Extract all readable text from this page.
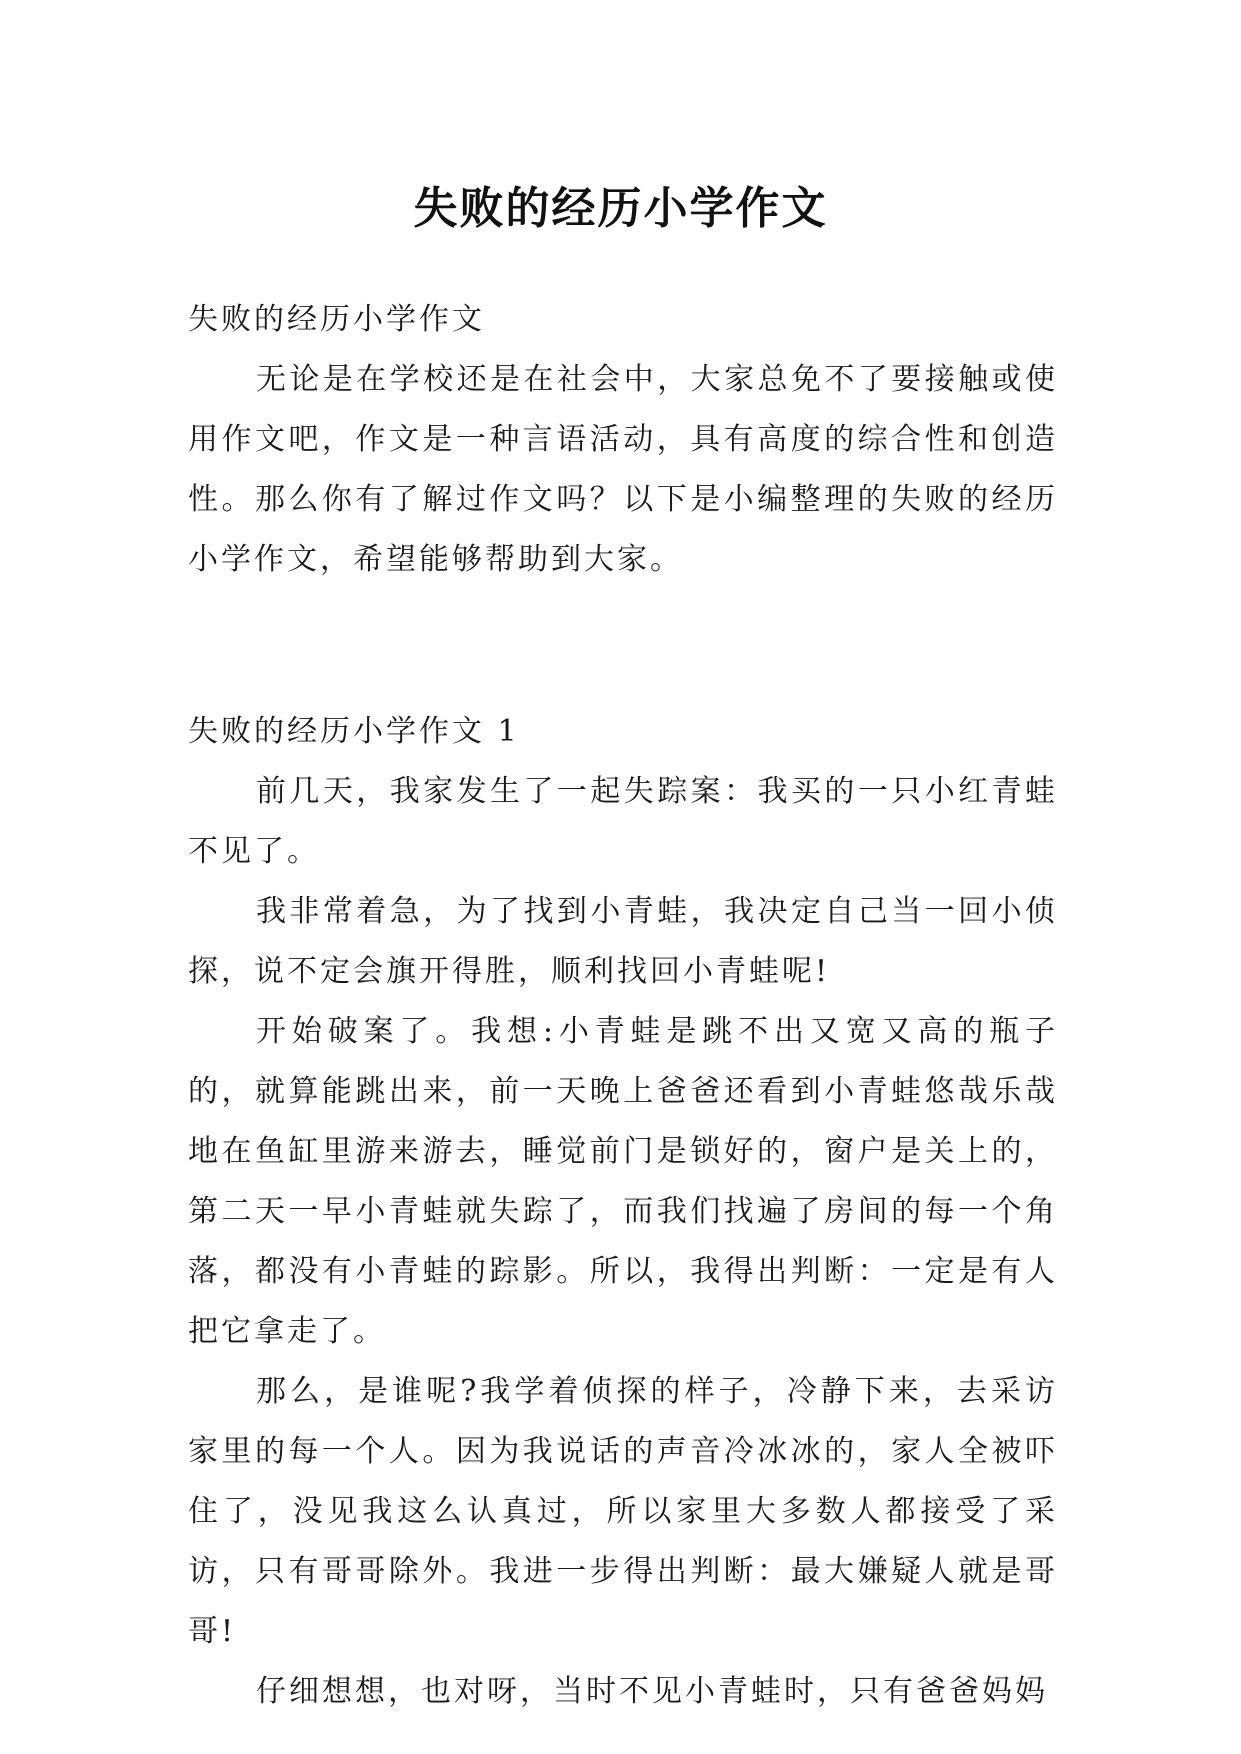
失败的经历小学作文

失败的经历小学作文

无论是在学校还是在社会中，大家总免不了要接触或使用作文吧，作文是一种言语活动，具有高度的综合性和创造性。那么你有了解过作文吗？以下是小编整理的失败的经历小学作文，希望能够帮助到大家。

失败的经历小学作文 1

前几天，我家发生了一起失踪案：我买的一只小红青蛙不见了。

我非常着急，为了找到小青蛙，我决定自己当一回小侦探，说不定会旗开得胜，顺利找回小青蛙呢!

开始破案了。我想:小青蛙是跳不出又宽又高的瓶子的，就算能跳出来，前一天晚上爸爸还看到小青蛙悠哉乐哉地在鱼缸里游来游去，睡觉前门是锁好的，窗户是关上的，第二天一早小青蛙就失踪了，而我们找遍了房间的每一个角落，都没有小青蛙的踪影。所以，我得出判断：一定是有人把它拿走了。

那么，是谁呢?我学着侦探的样子，冷静下来，去采访家里的每一个人。因为我说话的声音冷冰冰的，家人全被吓住了，没见我这么认真过，所以家里大多数人都接受了采访，只有哥哥除外。我进一步得出判断：最大嫌疑人就是哥哥!

仔细想想，也对呀，当时不见小青蛙时，只有爸爸妈妈
